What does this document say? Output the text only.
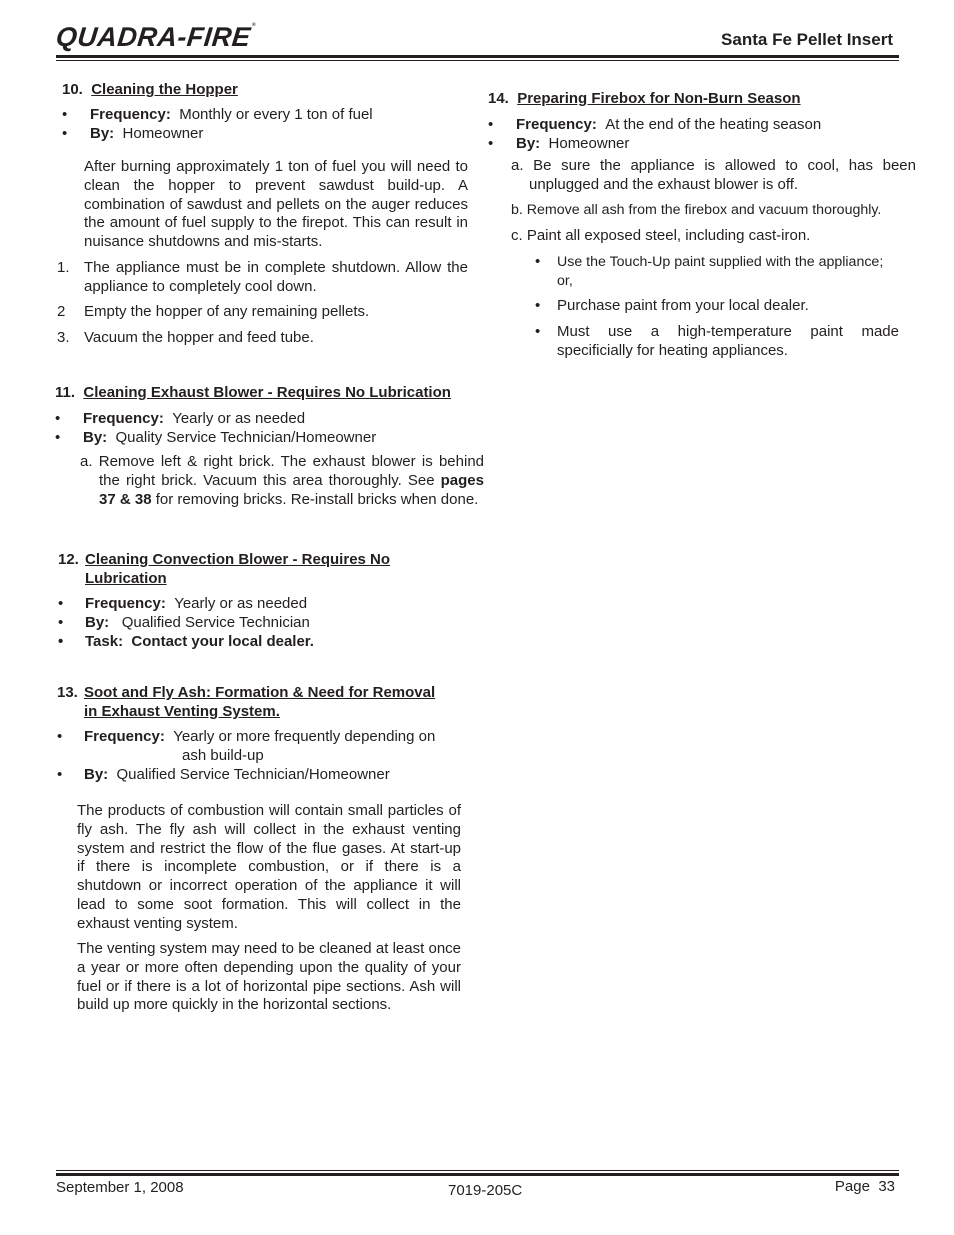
QUADRA-FIRE®
Santa Fe Pellet Insert
10. Cleaning the Hopper
• Frequency: Monthly or every 1 ton of fuel
• By: Homeowner
After burning approximately 1 ton of fuel you will need to clean the hopper to prevent sawdust build-up. A combination of sawdust and pellets on the auger reduces the amount of fuel supply to the firepot. This can result in nuisance shutdowns and mis-starts.
1. The appliance must be in complete shutdown. Allow the appliance to completely cool down.
2 Empty the hopper of any remaining pellets.
3. Vacuum the hopper and feed tube.
11. Cleaning Exhaust Blower - Requires No Lubrication
• Frequency: Yearly or as needed
• By: Quality Service Technician/Homeowner
a. Remove left & right brick. The exhaust blower is behind the right brick. Vacuum this area thoroughly. See pages 37 & 38 for removing bricks. Re-install bricks when done.
12. Cleaning Convection Blower - Requires No
Lubrication
• Frequency: Yearly or as needed
• By: Qualified Service Technician
• Task: Contact your local dealer.
13. Soot and Fly Ash: Formation & Need for Removal
in Exhaust Venting System.
• Frequency: Yearly or more frequently depending on
ash build-up
• By: Qualified Service Technician/Homeowner
The products of combustion will contain small particles of fly ash. The fly ash will collect in the exhaust venting system and restrict the flow of the flue gases. At start-up if there is incomplete combustion, or if there is a shutdown or incorrect operation of the appliance it will lead to some soot formation. This will collect in the exhaust venting system.
The venting system may need to be cleaned at least once a year or more often depending upon the quality of your fuel or if there is a lot of horizontal pipe sections. Ash will build up more quickly in the horizontal sections.
14. Preparing Firebox for Non-Burn Season
• Frequency: At the end of the heating season
• By: Homeowner
a. Be sure the appliance is allowed to cool, has been unplugged and the exhaust blower is off.
b. Remove all ash from the firebox and vacuum thoroughly.
c. Paint all exposed steel, including cast-iron.
• Use the Touch-Up paint supplied with the appliance; or,
• Purchase paint from your local dealer.
• Must use a high-temperature paint made specificially for heating appliances.
September 1, 2008	7019-205C	Page 33
